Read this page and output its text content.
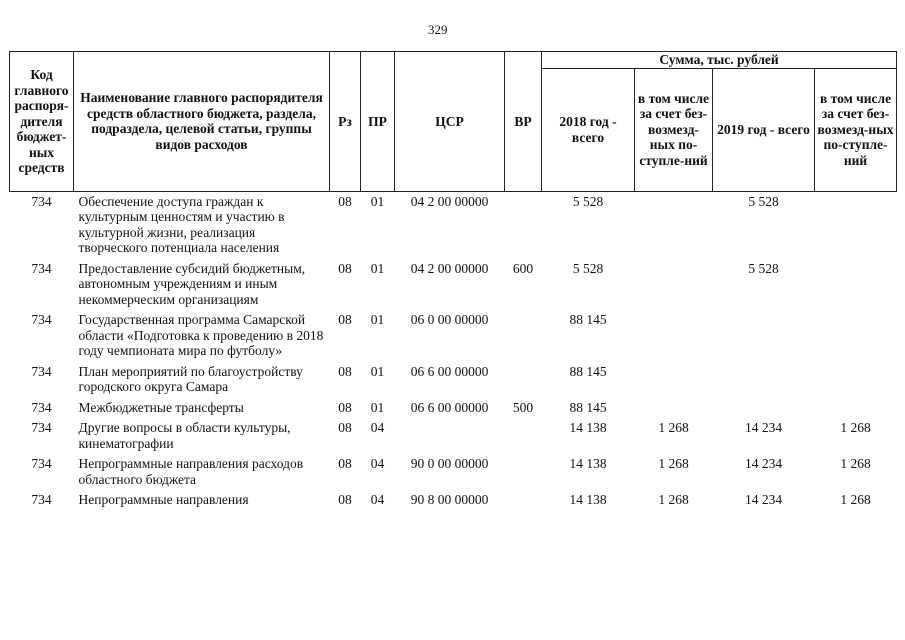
329
Код главного распоря-дителя бюджет-ных средств	Наименование главного распорядителя средств областного бюджета, раздела, подраздела, целевой статьи, группы видов расходов	Рз	ПР	ЦСР	ВР	Сумма, тыс. рублей			
						2018 год - всего	в том числе за счет без-возмезд-ных по-ступле-ний	2019 год - всего	в том числе за счет без-возмезд-ных по-ступле-ний
734	Обеспечение доступа граждан к культурным ценностям и участию в культурной жизни, реализация творческого потенциала населения	08	01	04 2 00 00000		5 528		5 528	
734	Предоставление субсидий бюджетным, автономным учреждениям и иным некоммерческим организациям	08	01	04 2 00 00000	600	5 528		5 528	
734	Государственная программа Самарской области «Подготовка к проведению в 2018 году чемпионата мира по футболу»	08	01	06 0 00 00000		88 145			
734	План мероприятий по благоустройству городского округа Самара	08	01	06 6 00 00000		88 145			
734	Межбюджетные трансферты	08	01	06 6 00 00000	500	88 145			
734	Другие вопросы в области культуры, кинематографии	08	04			14 138	1 268	14 234	1 268
734	Непрограммные направления расходов областного бюджета	08	04	90 0 00 00000		14 138	1 268	14 234	1 268
734	Непрограммные направления	08	04	90 8 00 00000		14 138	1 268	14 234	1 268
